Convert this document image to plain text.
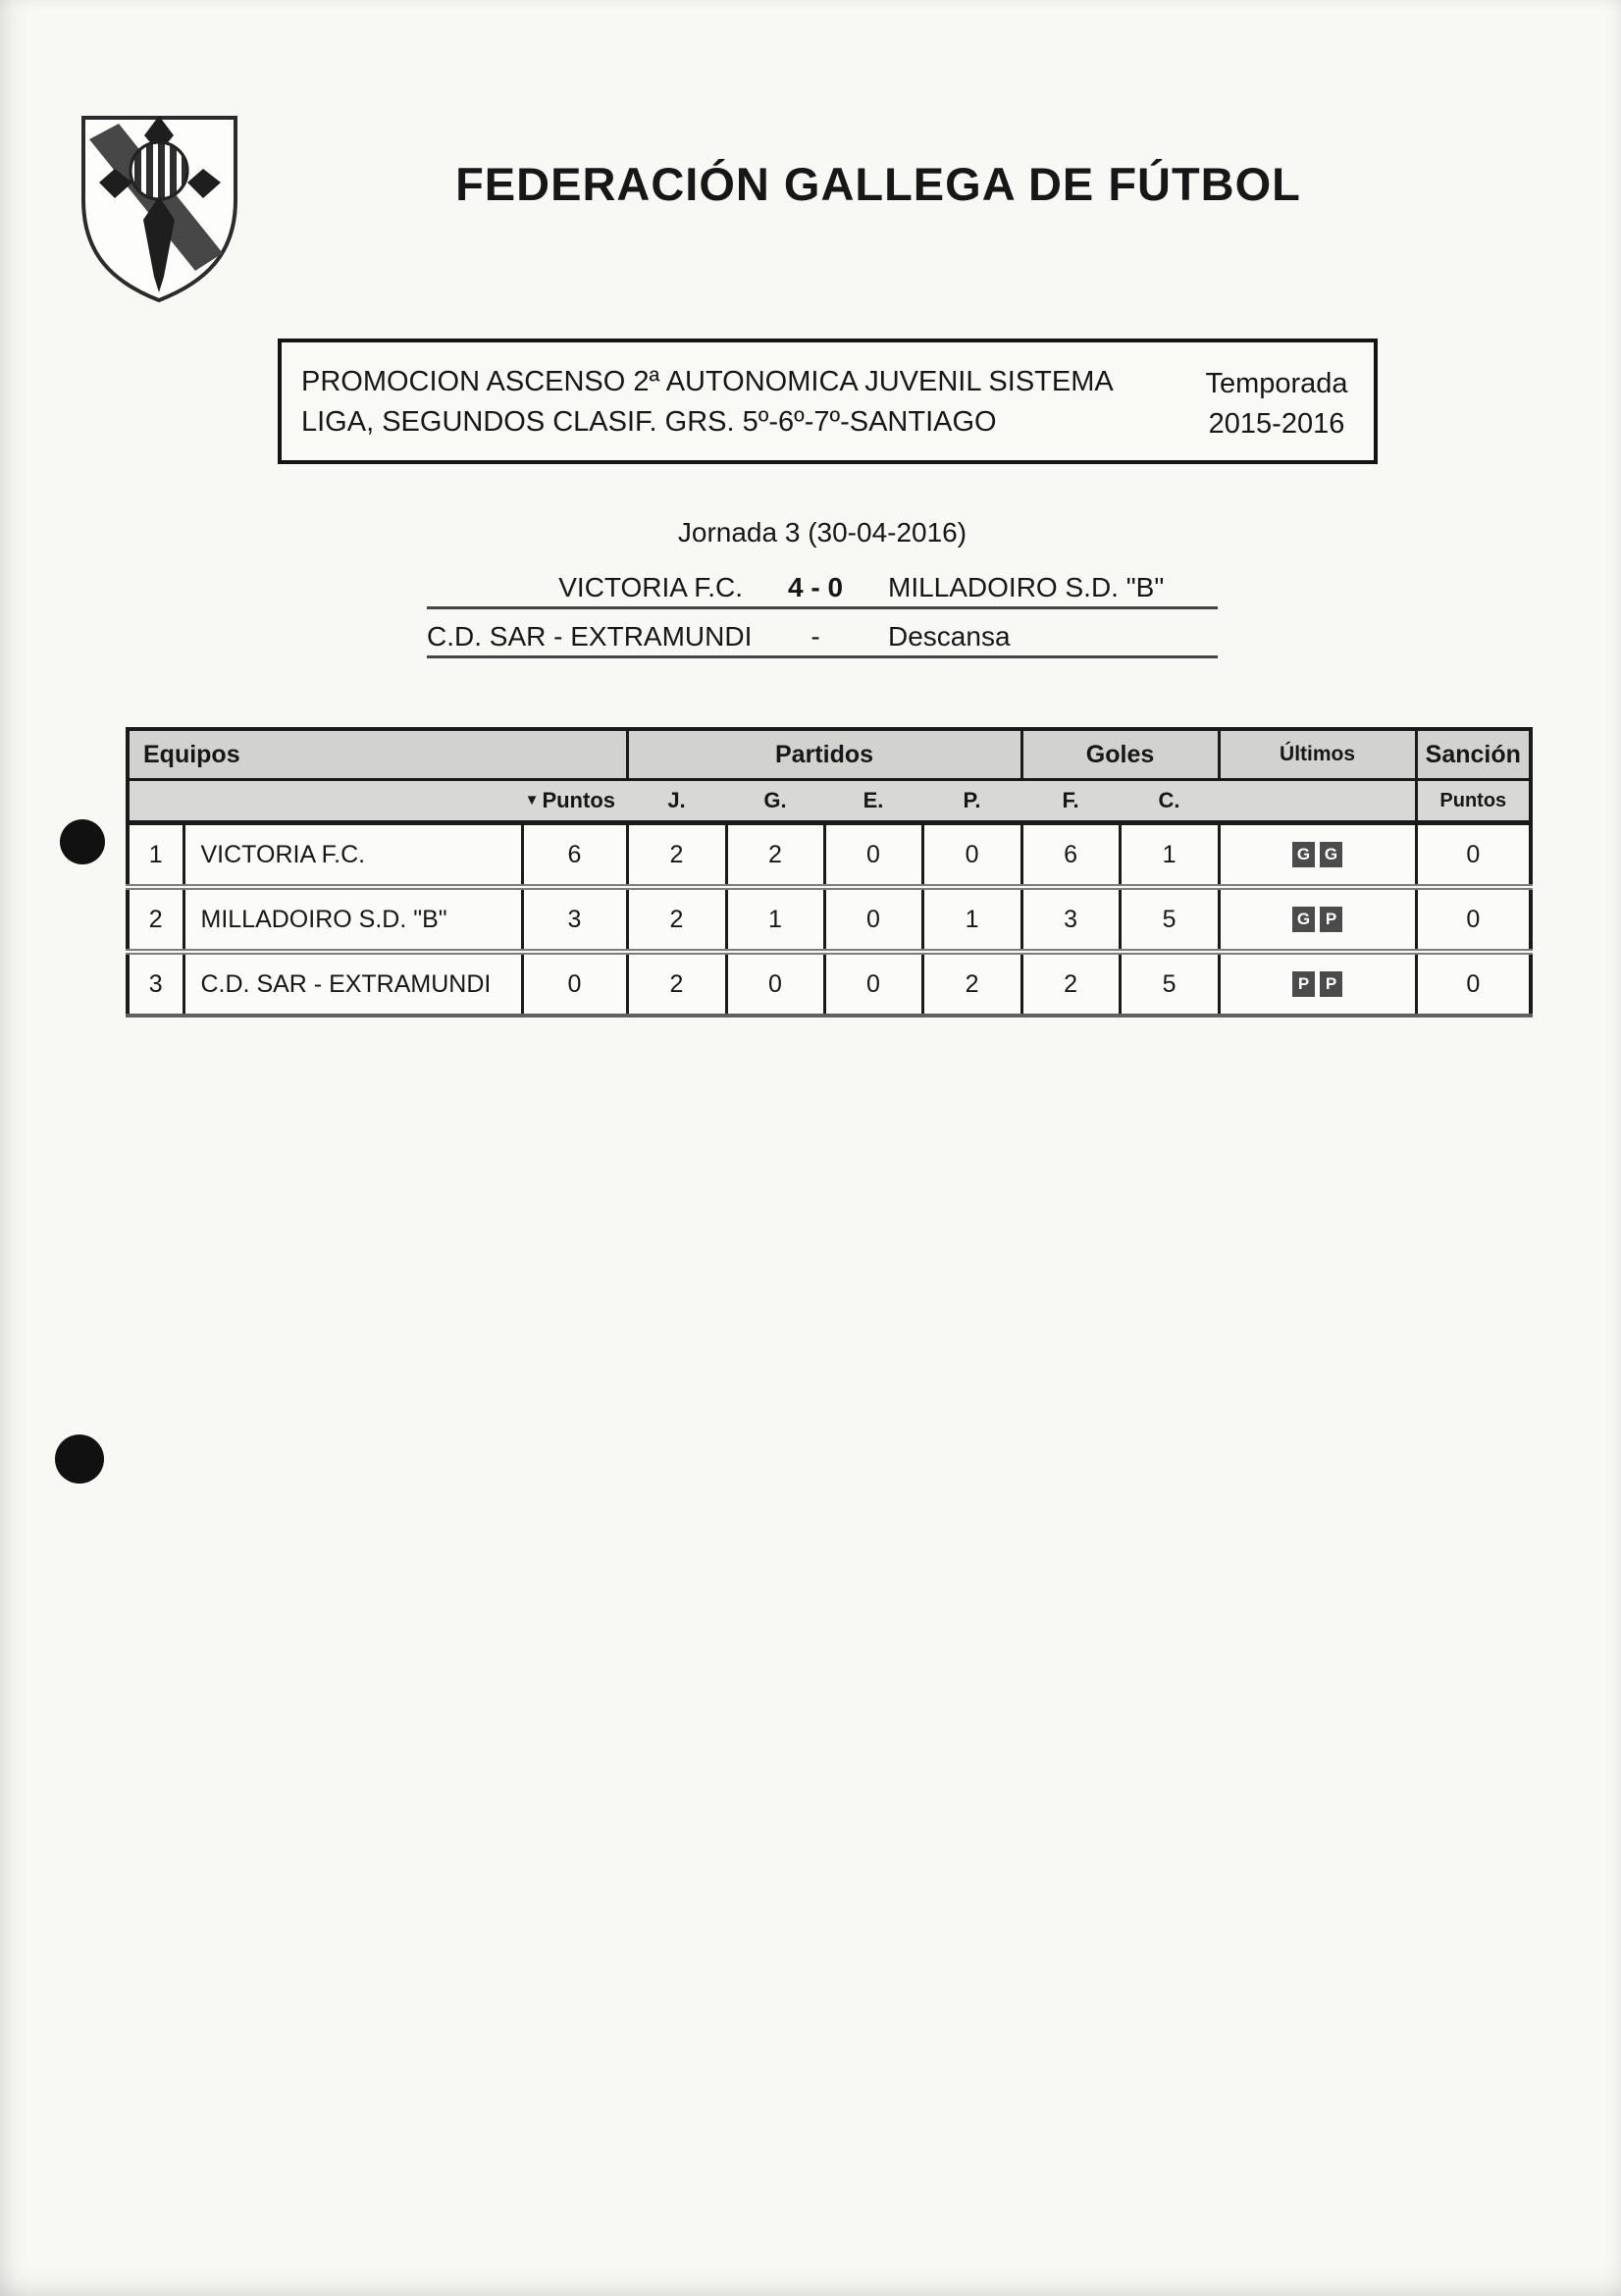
FEDERACIÓN GALLEGA DE FÚTBOL
PROMOCION ASCENSO 2ª AUTONOMICA JUVENIL SISTEMA
LIGA, SEGUNDOS CLASIF. GRS. 5º-6º-7º-SANTIAGO
Temporada
2015-2016
Jornada 3 (30-04-2016)
VICTORIA F.C.	4 - 0	MILLADOIRO S.D. "B"
C.D. SAR - EXTRAMUNDI	-	Descansa
Equipos			Partidos				Goles		Últimos	Sanción
		▼ Puntos	J.	G.	E.	P.	F.	C.		Puntos
1	VICTORIA F.C.	6	2	2	0	0	6	1	G G	0
2	MILLADOIRO S.D. "B"	3	2	1	0	1	3	5	G P	0
3	C.D. SAR - EXTRAMUNDI	0	2	0	0	2	2	5	P P	0
